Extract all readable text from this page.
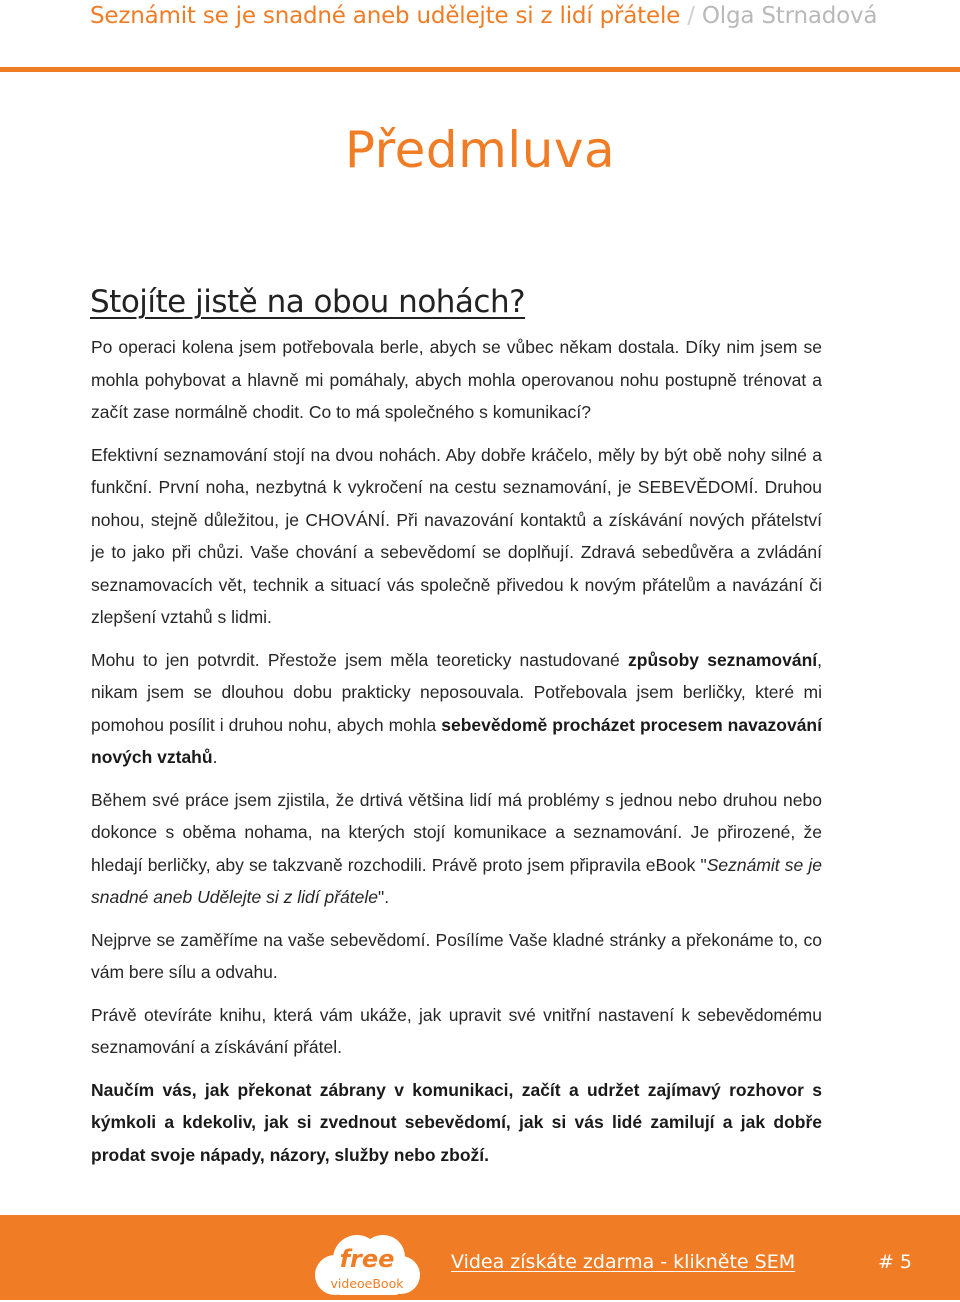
Seznámit se je snadné aneb udělejte si z lidí přátele / Olga Strnadová
Předmluva
Stojíte jistě na obou nohách?

Po operaci kolena jsem potřebovala berle, abych se vůbec někam dostala. Díky nim jsem se mohla pohybovat a hlavně mi pomáhaly, abych mohla operovanou nohu postupně trénovat a začít zase normálně chodit. Co to má společného s komunikací?

Efektivní seznamování stojí na dvou nohách. Aby dobře kráčelo, měly by být obě nohy silné a funkční. První noha, nezbytná k vykročení na cestu seznamování, je SEBEVĚDOMÍ. Druhou nohou, stejně důležitou, je CHOVÁNÍ. Při navazování kontaktů a získávání nových přátelství je to jako při chůzi. Vaše chování a sebevědomí se doplňují. Zdravá sebedůvěra a zvládání seznamovacích vět, technik a situací vás společně přivedou k novým přátelům a navázání či zlepšení vztahů s lidmi.

Mohu to jen potvrdit. Přestože jsem měla teoreticky nastudované způsoby seznamování, nikam jsem se dlouhou dobu prakticky neposouvala. Potřebovala jsem berličky, které mi pomohou posílit i druhou nohu, abych mohla sebevědomě procházet procesem navazování nových vztahů.

Během své práce jsem zjistila, že drtivá většina lidí má problémy s jednou nebo druhou nebo dokonce s oběma nohama, na kterých stojí komunikace a seznamování. Je přirozené, že hledají berličky, aby se takzvaně rozchodili. Právě proto jsem připravila eBook "Seznámit se je snadné aneb Udělejte si z lidí přátele".

Nejprve se zaměříme na vaše sebevědomí. Posílíme Vaše kladné stránky a překonáme to, co vám bere sílu a odvahu.

Právě otevíráte knihu, která vám ukáže, jak upravit své vnitřní nastavení k sebevědomému seznamování a získávání přátel.

Naučím vás, jak překonat zábrany v komunikaci, začít a udržet zajímavý rozhovor s kýmkoli a kdekoliv, jak si zvednout sebevědomí, jak si vás lidé zamilují a jak dobře prodat svoje nápady, názory, služby nebo zboží.

free
videoeBook
Videa získáte zdarma - klikněte SEM	# 5
